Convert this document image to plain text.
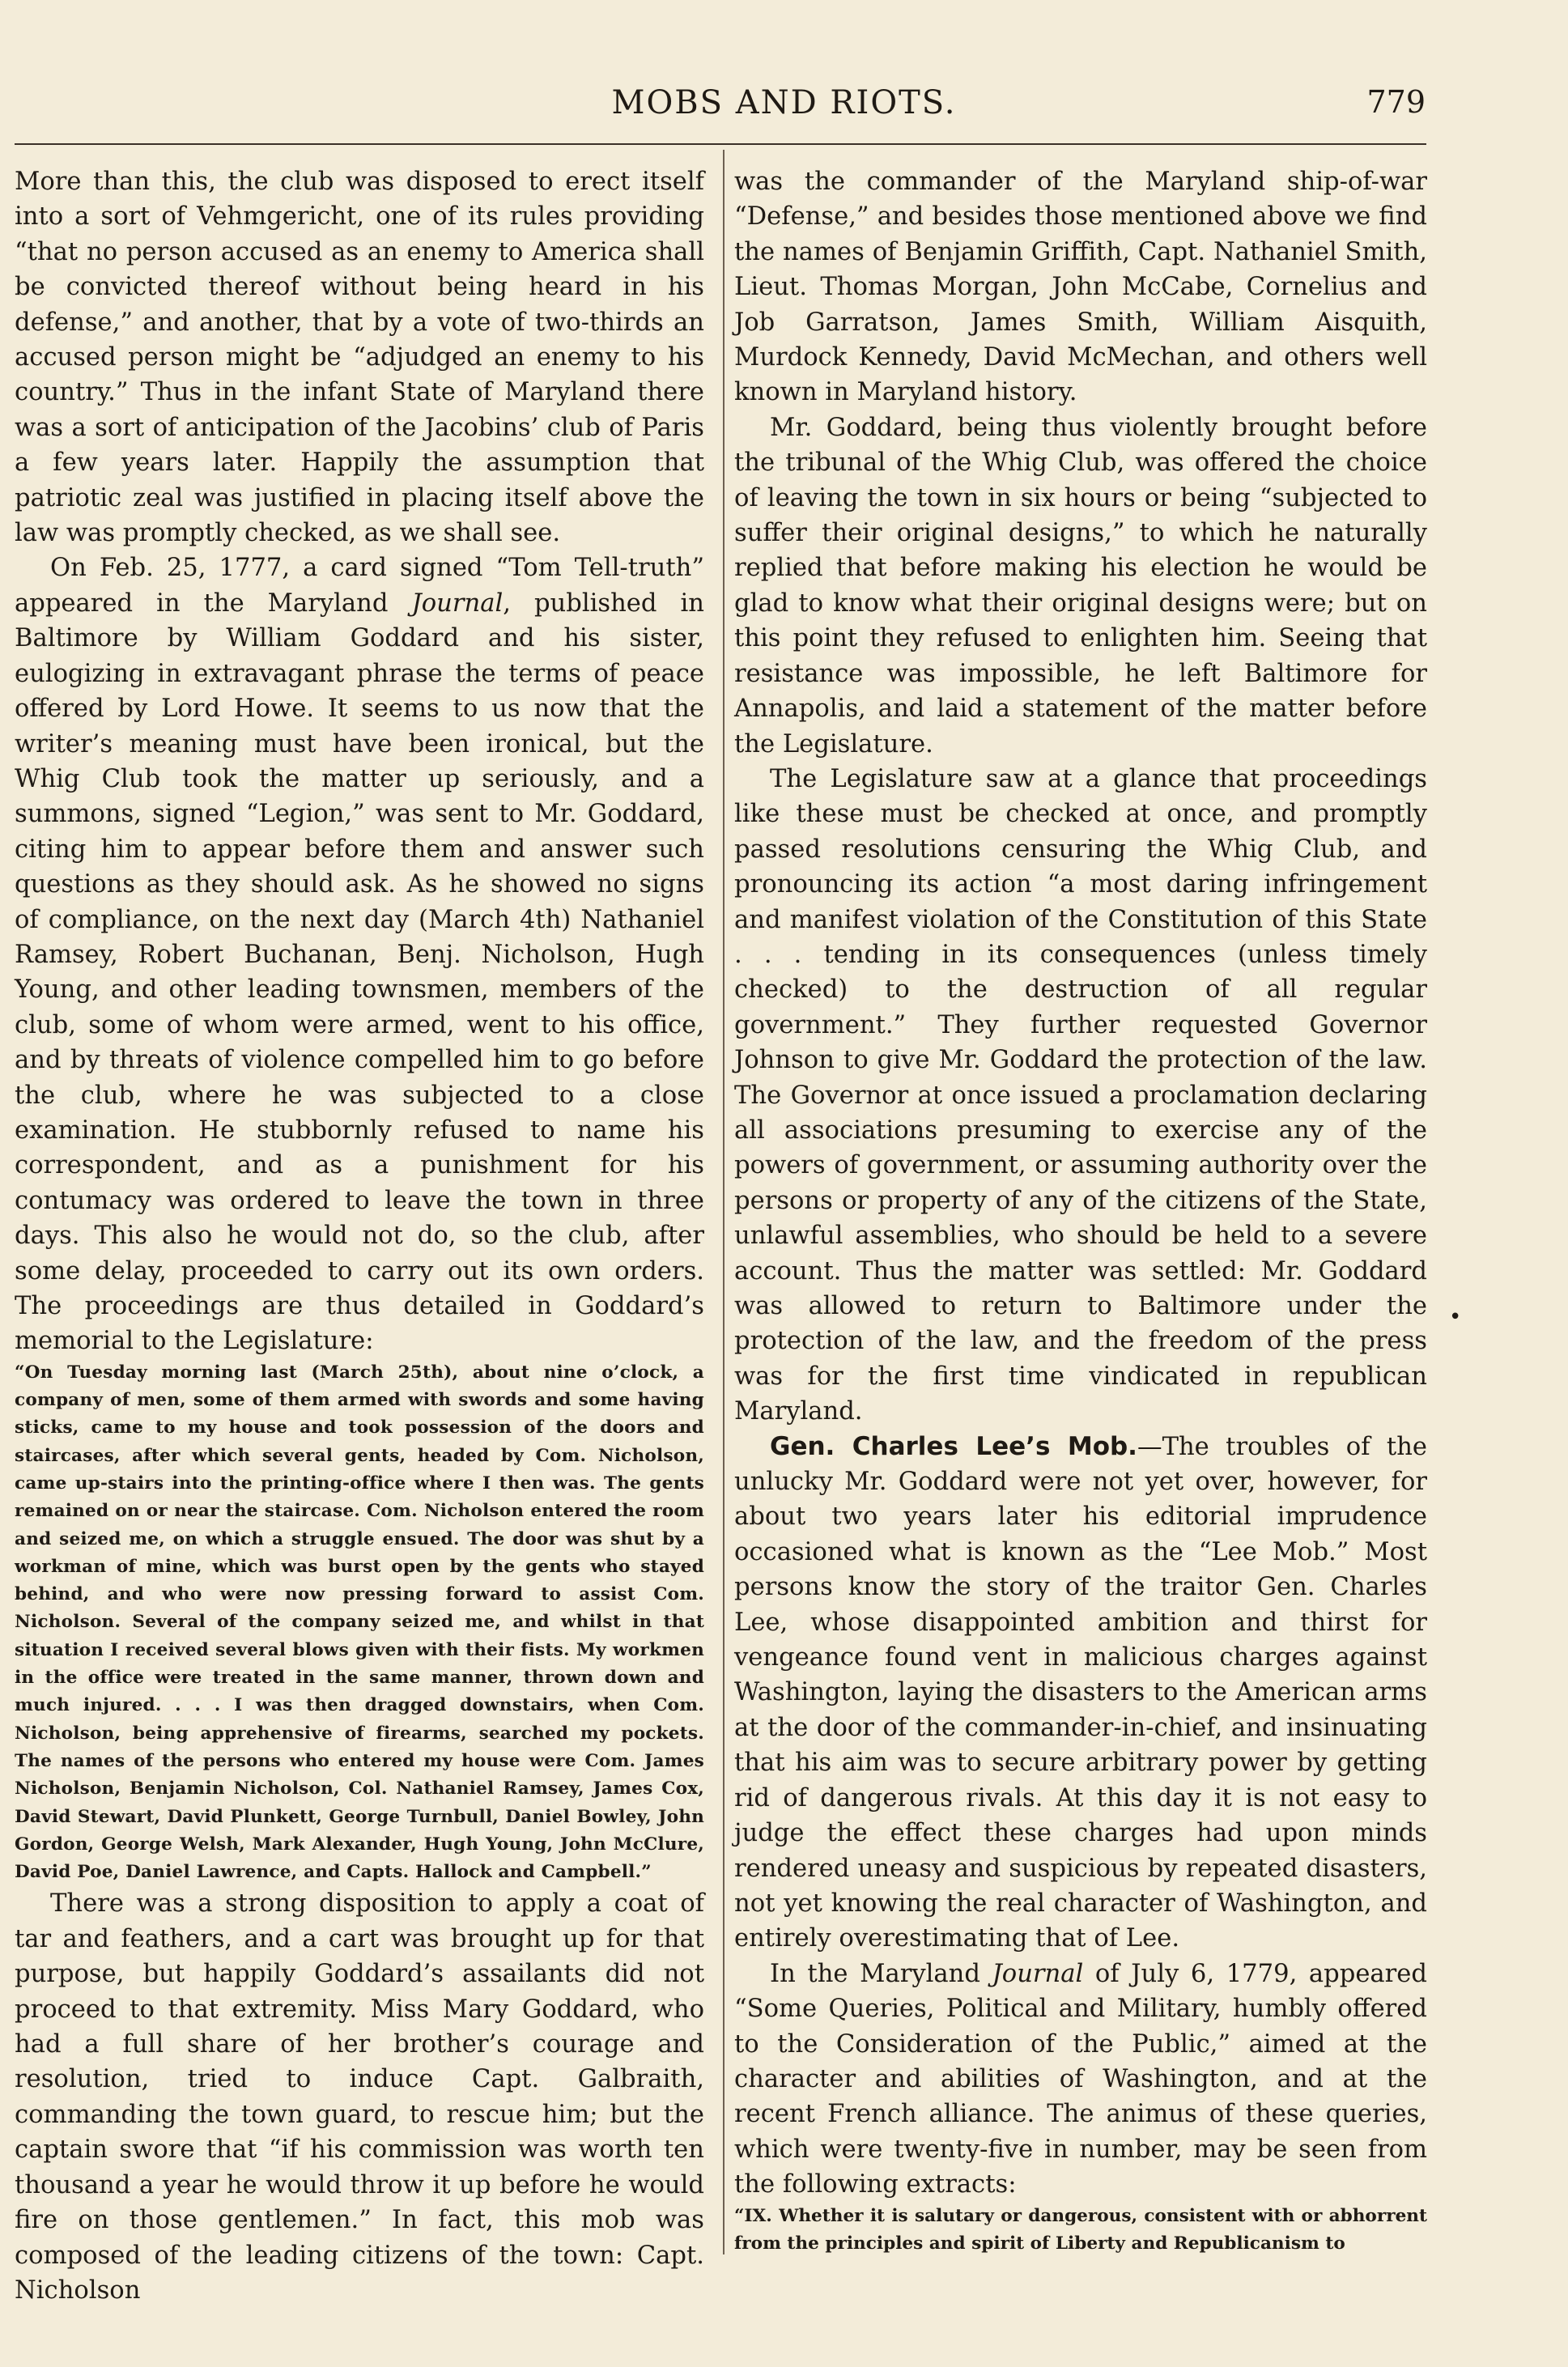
MOBS AND RIOTS.	779

More than this, the club was disposed to erect itself into a sort of Vehmgericht, one of its rules providing “that no person accused as an enemy to America shall be convicted thereof without being heard in his defense,” and another, that by a vote of two-thirds an accused person might be “adjudged an enemy to his country.” Thus in the infant State of Maryland there was a sort of anticipation of the Jacobins’ club of Paris a few years later. Happily the assumption that patriotic zeal was justified in placing itself above the law was promptly checked, as we shall see.

On Feb. 25, 1777, a card signed “Tom Tell-truth” appeared in the Maryland Journal, published in Baltimore by William Goddard and his sister, eulogizing in extravagant phrase the terms of peace offered by Lord Howe. It seems to us now that the writer’s meaning must have been ironical, but the Whig Club took the matter up seriously, and a summons, signed “Legion,” was sent to Mr. Goddard, citing him to appear before them and answer such questions as they should ask. As he showed no signs of compliance, on the next day (March 4th) Nathaniel Ramsey, Robert Buchanan, Benj. Nicholson, Hugh Young, and other leading townsmen, members of the club, some of whom were armed, went to his office, and by threats of violence compelled him to go before the club, where he was subjected to a close examination. He stubbornly refused to name his correspondent, and as a punishment for his contumacy was ordered to leave the town in three days. This also he would not do, so the club, after some delay, proceeded to carry out its own orders. The proceedings are thus detailed in Goddard’s memorial to the Legislature:

“On Tuesday morning last (March 25th), about nine o’clock, a company of men, some of them armed with swords and some having sticks, came to my house and took possession of the doors and staircases, after which several gents, headed by Com. Nicholson, came up-stairs into the printing-office where I then was. The gents remained on or near the staircase. Com. Nicholson entered the room and seized me, on which a struggle ensued. The door was shut by a workman of mine, which was burst open by the gents who stayed behind, and who were now pressing forward to assist Com. Nicholson. Several of the company seized me, and whilst in that situation I received several blows given with their fists. My workmen in the office were treated in the same manner, thrown down and much injured. . . . I was then dragged downstairs, when Com. Nicholson, being apprehensive of firearms, searched my pockets. The names of the persons who entered my house were Com. James Nicholson, Benjamin Nicholson, Col. Nathaniel Ramsey, James Cox, David Stewart, David Plunkett, George Turnbull, Daniel Bowley, John Gordon, George Welsh, Mark Alexander, Hugh Young, John McClure, David Poe, Daniel Lawrence, and Capts. Hallock and Campbell.”

There was a strong disposition to apply a coat of tar and feathers, and a cart was brought up for that purpose, but happily Goddard’s assailants did not proceed to that extremity. Miss Mary Goddard, who had a full share of her brother’s courage and resolution, tried to induce Capt. Galbraith, commanding the town guard, to rescue him; but the captain swore that “if his commission was worth ten thousand a year he would throw it up before he would fire on those gentlemen.” In fact, this mob was composed of the leading citizens of the town: Capt. Nicholson

was the commander of the Maryland ship-of-war “Defense,” and besides those mentioned above we find the names of Benjamin Griffith, Capt. Nathaniel Smith, Lieut. Thomas Morgan, John McCabe, Cornelius and Job Garratson, James Smith, William Aisquith, Murdock Kennedy, David McMechan, and others well known in Maryland history.

Mr. Goddard, being thus violently brought before the tribunal of the Whig Club, was offered the choice of leaving the town in six hours or being “subjected to suffer their original designs,” to which he naturally replied that before making his election he would be glad to know what their original designs were; but on this point they refused to enlighten him. Seeing that resistance was impossible, he left Baltimore for Annapolis, and laid a statement of the matter before the Legislature.

The Legislature saw at a glance that proceedings like these must be checked at once, and promptly passed resolutions censuring the Whig Club, and pronouncing its action “a most daring infringement and manifest violation of the Constitution of this State . . . tending in its consequences (unless timely checked) to the destruction of all regular government.” They further requested Governor Johnson to give Mr. Goddard the protection of the law. The Governor at once issued a proclamation declaring all associations presuming to exercise any of the powers of government, or assuming authority over the persons or property of any of the citizens of the State, unlawful assemblies, who should be held to a severe account. Thus the matter was settled: Mr. Goddard was allowed to return to Baltimore under the protection of the law, and the freedom of the press was for the first time vindicated in republican Maryland.

Gen. Charles Lee’s Mob.—The troubles of the unlucky Mr. Goddard were not yet over, however, for about two years later his editorial imprudence occasioned what is known as the “Lee Mob.” Most persons know the story of the traitor Gen. Charles Lee, whose disappointed ambition and thirst for vengeance found vent in malicious charges against Washington, laying the disasters to the American arms at the door of the commander-in-chief, and insinuating that his aim was to secure arbitrary power by getting rid of dangerous rivals. At this day it is not easy to judge the effect these charges had upon minds rendered uneasy and suspicious by repeated disasters, not yet knowing the real character of Washington, and entirely overestimating that of Lee.

In the Maryland Journal of July 6, 1779, appeared “Some Queries, Political and Military, humbly offered to the Consideration of the Public,” aimed at the character and abilities of Washington, and at the recent French alliance. The animus of these queries, which were twenty-five in number, may be seen from the following extracts:

“IX. Whether it is salutary or dangerous, consistent with or abhorrent from the principles and spirit of Liberty and Republicanism to

•
